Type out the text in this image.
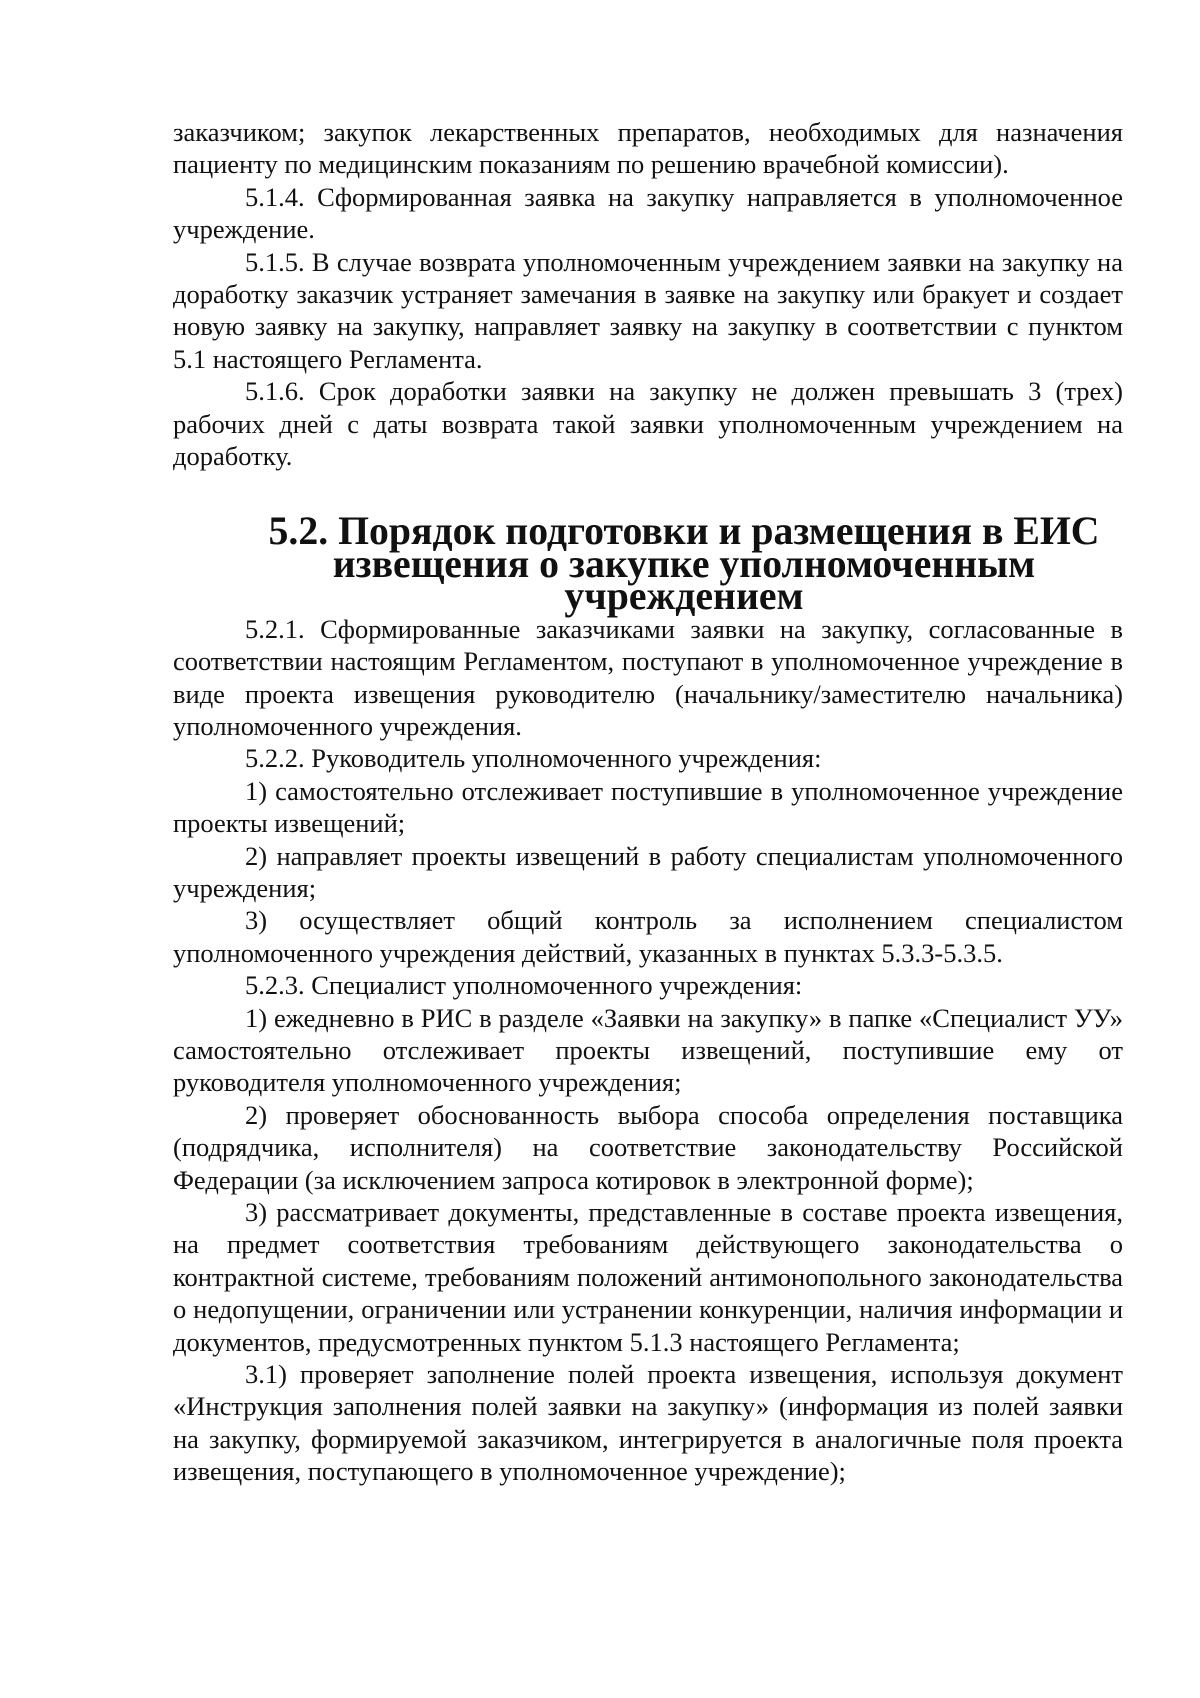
заказчиком; закупок лекарственных препаратов, необходимых для назначения пациенту по медицинским показаниям по решению врачебной комиссии).

5.1.4. Сформированная заявка на закупку направляется в уполномоченное учреждение.

5.1.5. В случае возврата уполномоченным учреждением заявки на закупку на доработку заказчик устраняет замечания в заявке на закупку или бракует и создает новую заявку на закупку, направляет заявку на закупку в соответствии с пунктом 5.1 настоящего Регламента.

5.1.6. Срок доработки заявки на закупку не должен превышать 3 (трех) рабочих дней с даты возврата такой заявки уполномоченным учреждением на доработку.

5.2. Порядок подготовки и размещения в ЕИС извещения о закупке уполномоченным учреждением

5.2.1. Сформированные заказчиками заявки на закупку, согласованные в соответствии настоящим Регламентом, поступают в уполномоченное учреждение в виде проекта извещения руководителю (начальнику/заместителю начальника) уполномоченного учреждения.

5.2.2. Руководитель уполномоченного учреждения:

1) самостоятельно отслеживает поступившие в уполномоченное учреждение проекты извещений;

2) направляет проекты извещений в работу специалистам уполномоченного учреждения;

3) осуществляет общий контроль за исполнением специалистом уполномоченного учреждения действий, указанных в пунктах 5.3.3-5.3.5.

5.2.3. Специалист уполномоченного учреждения:

1) ежедневно в РИС в разделе «Заявки на закупку» в папке «Специалист УУ» самостоятельно отслеживает проекты извещений, поступившие ему от руководителя уполномоченного учреждения;

2) проверяет обоснованность выбора способа определения поставщика (подрядчика, исполнителя) на соответствие законодательству Российской Федерации (за исключением запроса котировок в электронной форме);

3) рассматривает документы, представленные в составе проекта извещения, на предмет соответствия требованиям действующего законодательства о контрактной системе, требованиям положений антимонопольного законодательства о недопущении, ограничении или устранении конкуренции, наличия информации и документов, предусмотренных пунктом 5.1.3 настоящего Регламента;

3.1) проверяет заполнение полей проекта извещения, используя документ «Инструкция заполнения полей заявки на закупку» (информация из полей заявки на закупку, формируемой заказчиком, интегрируется в аналогичные поля проекта извещения, поступающего в уполномоченное учреждение);
